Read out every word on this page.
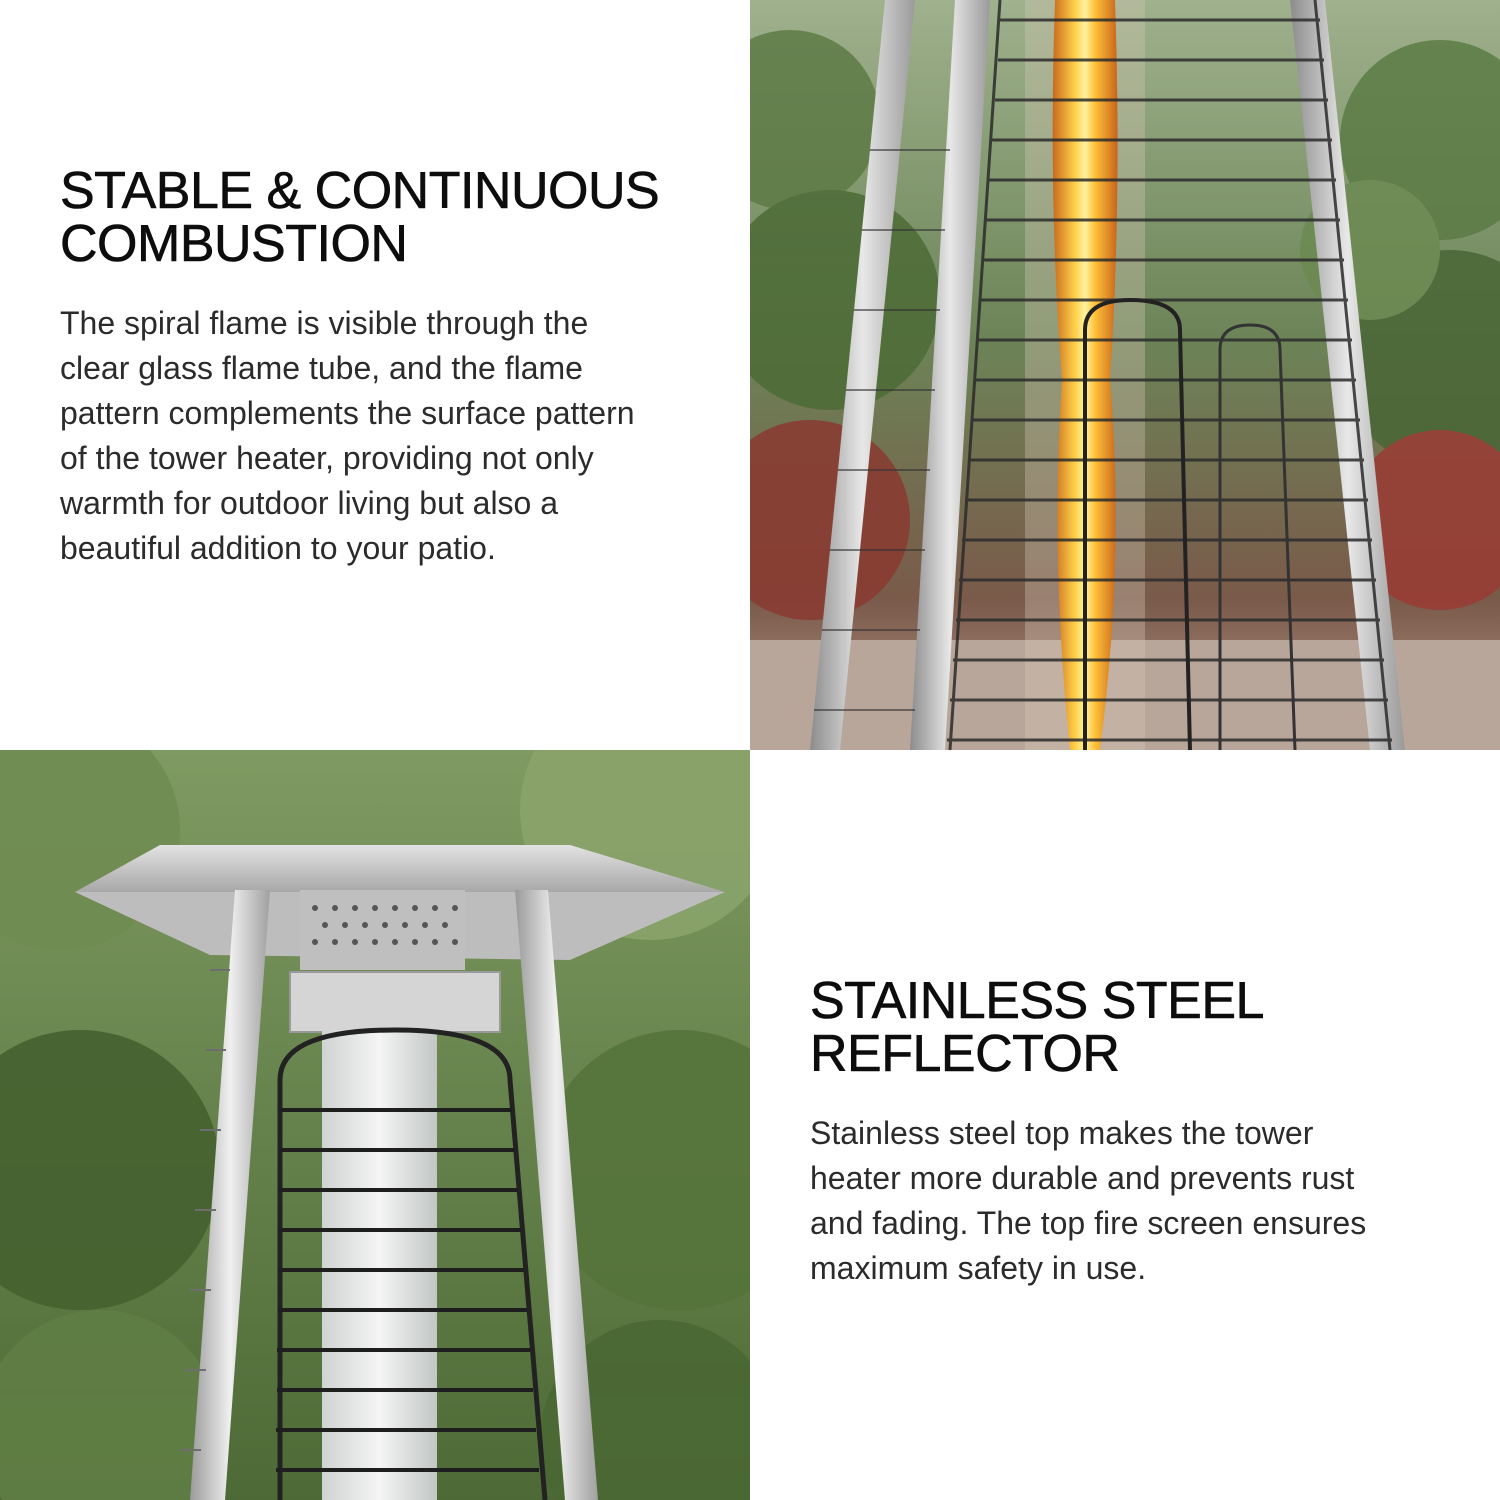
STABLE & CONTINUOUS
COMBUSTION

The spiral flame is visible through the
clear glass flame tube, and the flame
pattern complements the surface pattern
of the tower heater, providing not only
warmth for outdoor living but also a
beautiful addition to your patio.

STAINLESS STEEL
REFLECTOR

Stainless steel top makes the tower
heater more durable and prevents rust
and fading. The top fire screen ensures
maximum safety in use.
